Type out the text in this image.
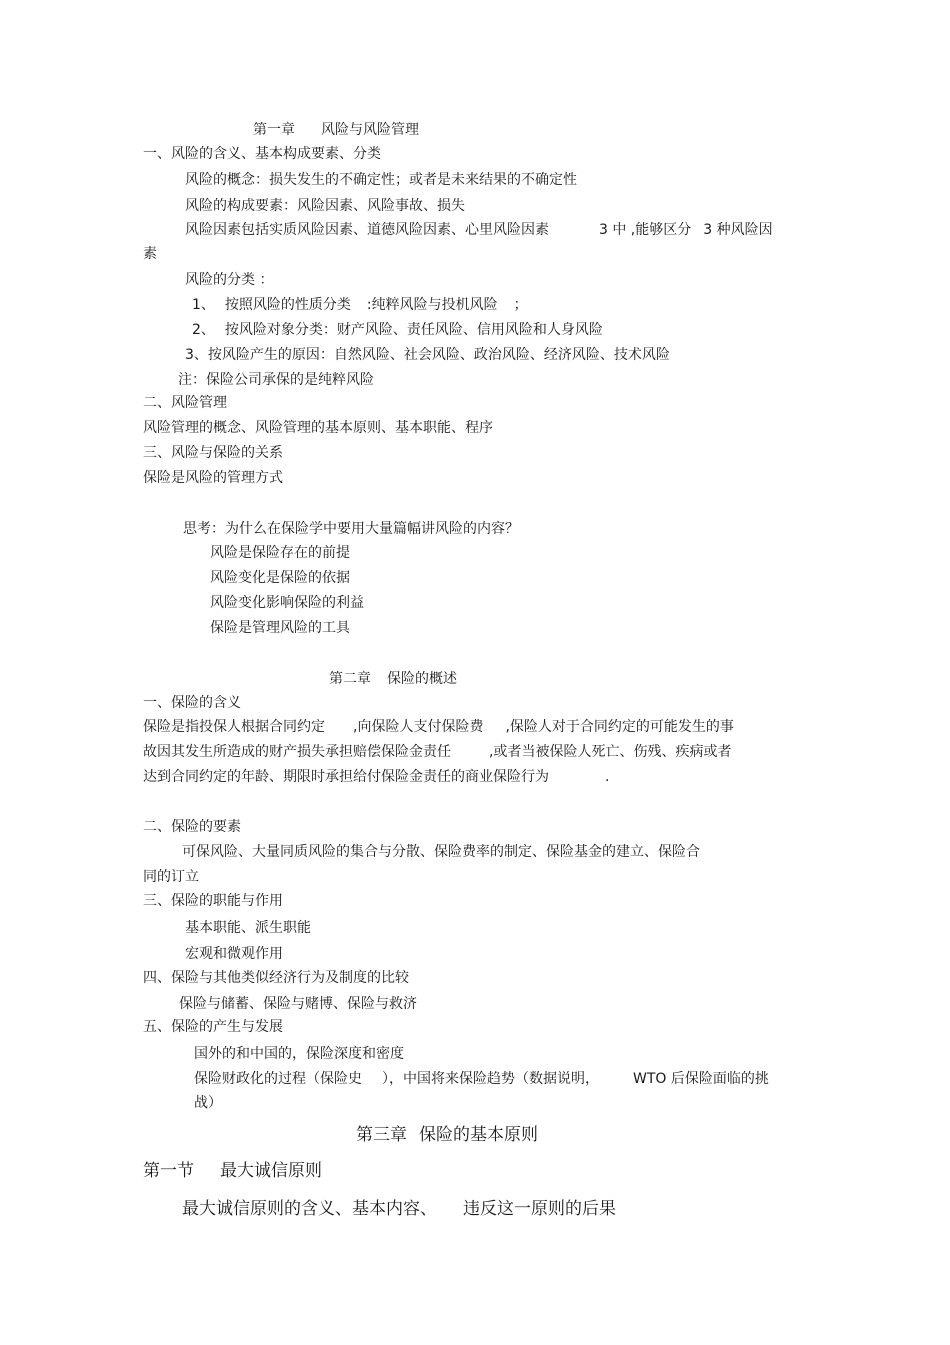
第一章 风险与风险管理
一、风险的含义、基本构成要素、分类
风险的概念：损失发生的不确定性；或者是未来结果的不确定性
风险的构成要素：风险因素、风险事故、损失
风险因素包括实质风险因素、道德风险因素、心里风险因素	3 中 ,能够区分 3 种风险因
素
风险的分类 ：
1、 按照风险的性质分类 :纯粹风险与投机风险 ；
2、 按风险对象分类：财产风险、责任风险、信用风险和人身风险
3、按风险产生的原因：自然风险、社会风险、政治风险、经济风险、技术风险
注：保险公司承保的是纯粹风险
二、风险管理
风险管理的概念、风险管理的基本原则、基本职能、程序
三、风险与保险的关系
保险是风险的管理方式
思考：为什么在保险学中要用大量篇幅讲风险的内容？
风险是保险存在的前提
风险变化是保险的依据
风险变化影响保险的利益
保险是管理风险的工具
第二章 保险的概述
一、保险的含义
保险是指投保人根据合同约定 ,向保险人支付保险费 ,保险人对于合同约定的可能发生的事
故因其发生所造成的财产损失承担赔偿保险金责任	,或者当被保险人死亡、伤残、疾病或者
达到合同约定的年龄、期限时承担给付保险金责任的商业保险行为	.
二、保险的要素
可保风险、大量同质风险的集合与分散、保险费率的制定、保险基金的建立、保险合
同的订立
三、保险的职能与作用
基本职能、派生职能
宏观和微观作用
四、保险与其他类似经济行为及制度的比较
保险与储蓄、保险与赌博、保险与救济
五、保险的产生与发展
国外的和中国的，保险深度和密度
保险财政化的过程（保险史 ），中国将来保险趋势（数据说明， WTO 后保险面临的挑
战）
第三章 保险的基本原则
第一节 最大诚信原则
最大诚信原则的含义、基本内容、 违反这一原则的后果
